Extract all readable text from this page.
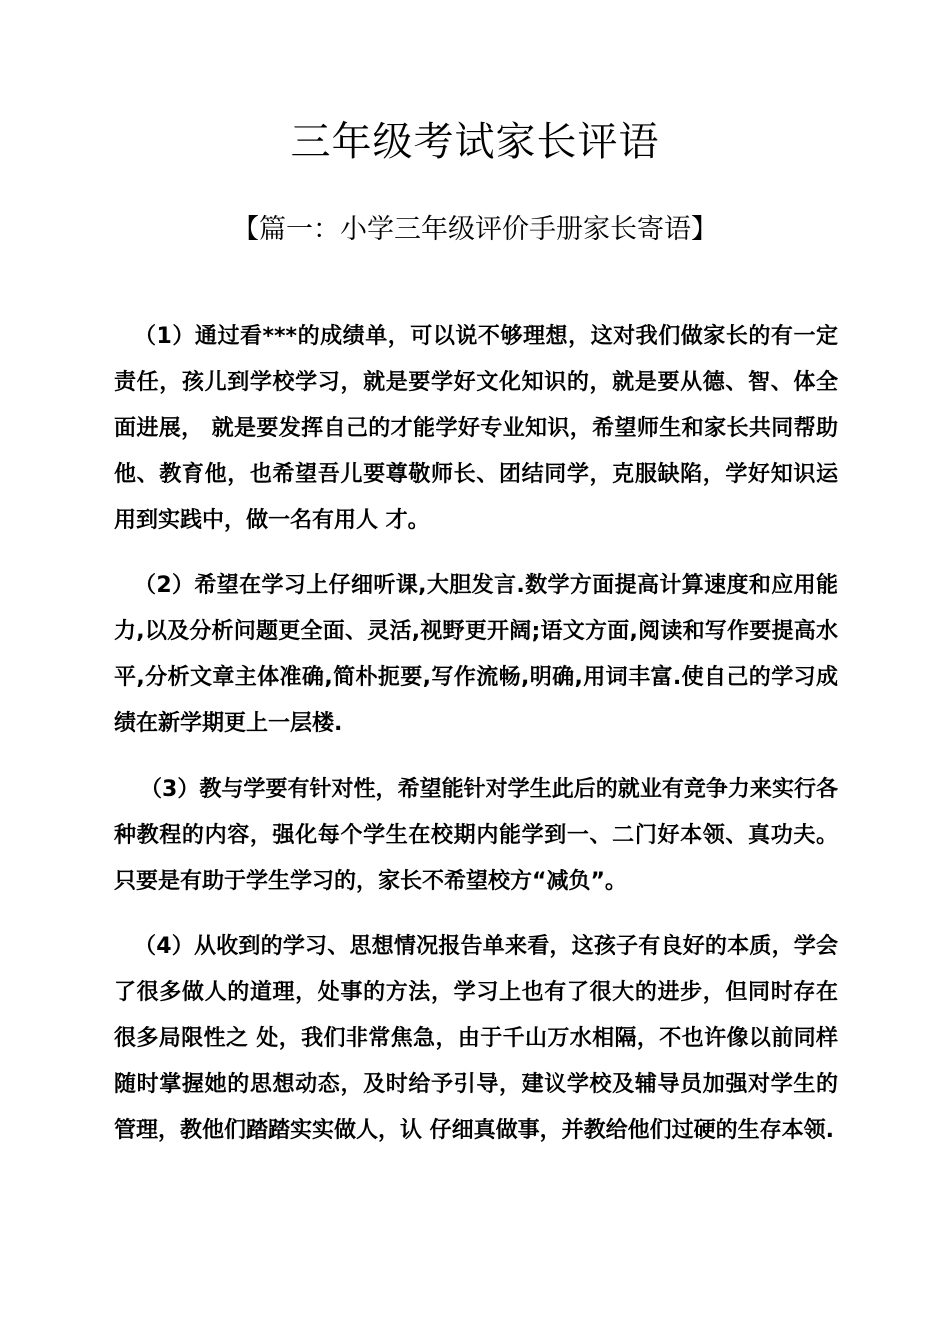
三年级考试家长评语
【篇一：小学三年级评价手册家长寄语】

（1）通过看***的成绩单，可以说不够理想，这对我们做家长的有一定责任，孩儿到学校学习，就是要学好文化知识的，就是要从德、智、体全面进展， 就是要发挥自己的才能学好专业知识，希望师生和家长共同帮助他、教育他，也希望吾儿要尊敬师长、团结同学，克服缺陷，学好知识运用到实践中，做一名有用人 才。

（2）希望在学习上仔细听课,大胆发言.数学方面提高计算速度和应用能力,以及分析问题更全面、灵活,视野更开阔;语文方面,阅读和写作要提高水平,分析文章主体准确,简朴扼要,写作流畅,明确,用词丰富.使自己的学习成绩在新学期更上一层楼.

（3）教与学要有针对性，希望能针对学生此后的就业有竞争力来实行各种教程的内容，强化每个学生在校期内能学到一、二门好本领、真功夫。只要是有助于学生学习的，家长不希望校方“减负”。

（4）从收到的学习、思想情况报告单来看，这孩子有良好的本质，学会了很多做人的道理，处事的方法，学习上也有了很大的进步，但同时存在很多局限性之 处，我们非常焦急，由于千山万水相隔，不也许像以前同样随时掌握她的思想动态，及时给予引导，建议学校及辅导员加强对学生的管理，教他们踏踏实实做人，认 仔细真做事，并教给他们过硬的生存本领.
